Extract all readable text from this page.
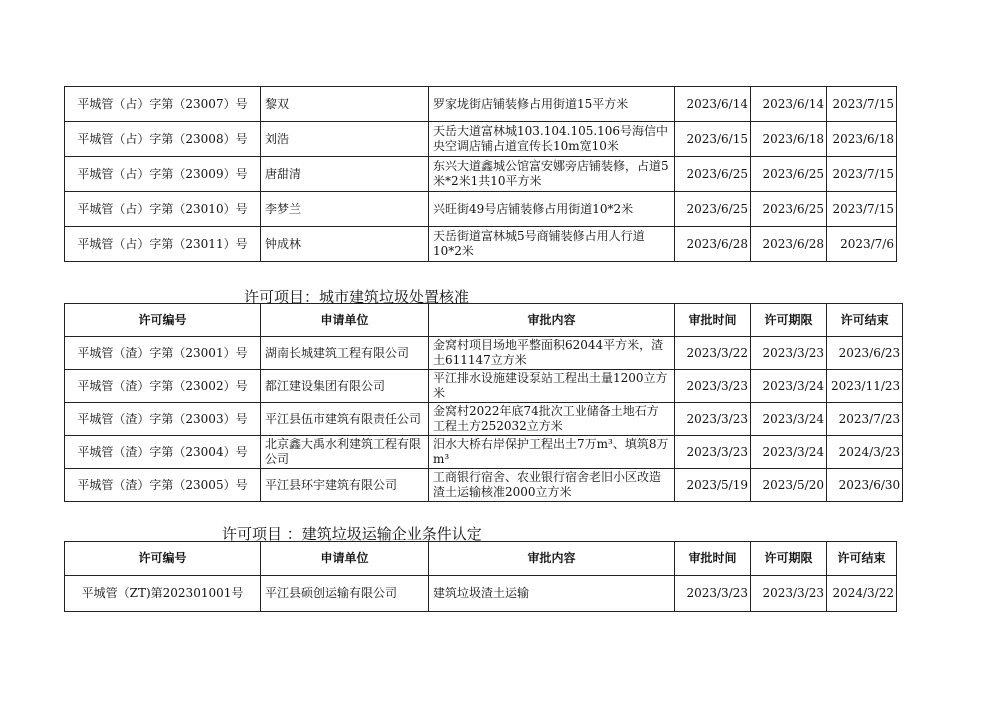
平城管（占）字第（23007）号	黎双	罗家垅街店铺装修占用街道15平方米	2023/6/14	2023/6/14	2023/7/15
平城管（占）字第（23008）号	刘浩	天岳大道富林城103.104.105.106号海信中央空调店铺占道宣传长10m宽10米	2023/6/15	2023/6/18	2023/6/18
平城管（占）字第（23009）号	唐甜清	东兴大道鑫城公馆富安娜旁店铺装修，占道5米*2米1共10平方米	2023/6/25	2023/6/25	2023/7/15
平城管（占）字第（23010）号	李梦兰	兴旺街49号店铺装修占用街道10*2米	2023/6/25	2023/6/25	2023/7/15
平城管（占）字第（23011）号	钟成林	天岳街道富林城5号商铺装修占用人行道10*2米	2023/6/28	2023/6/28	2023/7/6
许可项目：城市建筑垃圾处置核准
许可编号	申请单位	审批内容	审批时间	许可期限	许可结束
平城管（渣）字第（23001）号	湖南长城建筑工程有限公司	金窝村项目场地平整面积62044平方米，渣土611147立方米	2023/3/22	2023/3/23	2023/6/23
平城管（渣）字第（23002）号	都江建设集团有限公司	平江排水设施建设泵站工程出土量1200立方米	2023/3/23	2023/3/24	2023/11/23
平城管（渣）字第（23003）号	平江县伍市建筑有限责任公司	金窝村2022年底74批次工业储备土地石方工程土方252032立方米	2023/3/23	2023/3/24	2023/7/23
平城管（渣）字第（23004）号	北京鑫大禹水利建筑工程有限公司	汨水大桥右岸保护工程出土7万m³、填筑8万m³	2023/3/23	2023/3/24	2024/3/23
平城管（渣）字第（23005）号	平江县环宇建筑有限公司	工商银行宿舍、农业银行宿舍老旧小区改造渣土运输核准2000立方米	2023/5/19	2023/5/20	2023/6/30
许可项目 ：建筑垃圾运输企业条件认定
许可编号	申请单位	审批内容	审批时间	许可期限	许可结束
平城管（ZT)第202301001号	平江县硕创运输有限公司	建筑垃圾渣土运输	2023/3/23	2023/3/23	2024/3/22
